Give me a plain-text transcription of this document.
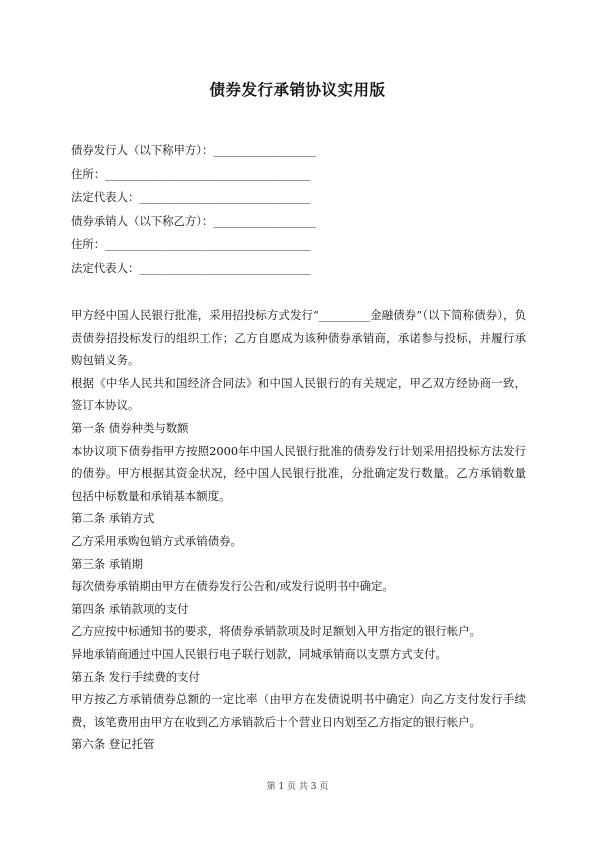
债券发行承销协议实用版
债券发行人（以下称甲方）：__________________
住所：____________________________________
法定代表人：______________________________
债券承销人（以下称乙方）：__________________
住所：____________________________________
法定代表人：______________________________

甲方经中国人民银行批准，采用招投标方式发行“_________金融债券”（以下简称债券），负责债券招投标发行的组织工作；乙方自愿成为该种债券承销商，承诺参与投标，并履行承购包销义务。

根据《中华人民共和国经济合同法》和中国人民银行的有关规定，甲乙双方经协商一致，签订本协议。

第一条 债券种类与数额

本协议项下债券指甲方按照2000年中国人民银行批准的债券发行计划采用招投标方法发行的债券。甲方根据其资金状况，经中国人民银行批准，分批确定发行数量。乙方承销数量包括中标数量和承销基本额度。

第二条 承销方式

乙方采用承购包销方式承销债券。

第三条 承销期

每次债券承销期由甲方在债券发行公告和/或发行说明书中确定。

第四条 承销款项的支付

乙方应按中标通知书的要求，将债券承销款项及时足额划入甲方指定的银行帐户。

异地承销商通过中国人民银行电子联行划款，同城承销商以支票方式支付。

第五条 发行手续费的支付

甲方按乙方承销债券总额的一定比率（由甲方在发债说明书中确定）向乙方支付发行手续费，该笔费用由甲方在收到乙方承销款后十个营业日内划至乙方指定的银行帐户。

第六条 登记托管

第 1 页 共 3 页
